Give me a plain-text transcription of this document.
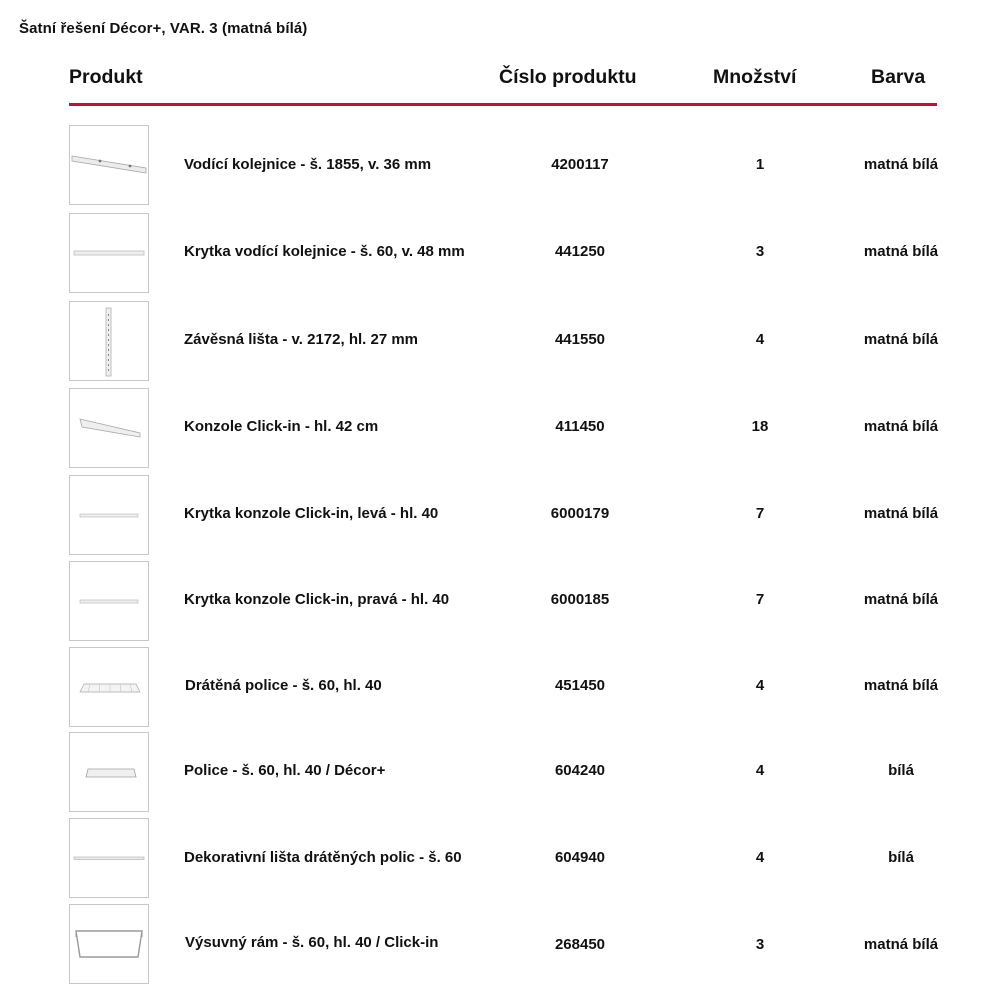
Šatní řešení Décor+, VAR. 3 (matná bílá)
Produkt	Číslo produktu	Množství	Barva
Vodící kolejnice - š. 1855, v. 36 mm	4200117	1	matná bílá
Krytka vodící kolejnice - š. 60, v. 48 mm	441250	3	matná bílá
Závěsná lišta - v. 2172, hl. 27 mm	441550	4	matná bílá
Konzole Click-in - hl. 42 cm	411450	18	matná bílá
Krytka konzole Click-in, levá - hl. 40	6000179	7	matná bílá
Krytka konzole Click-in, pravá - hl. 40	6000185	7	matná bílá
Drátěná police - š. 60, hl. 40	451450	4	matná bílá
Police - š. 60, hl. 40 / Décor+	604240	4	bílá
Dekorativní lišta drátěných polic - š. 60	604940	4	bílá
Výsuvný rám - š. 60, hl. 40 / Click-in	268450	3	matná bílá
